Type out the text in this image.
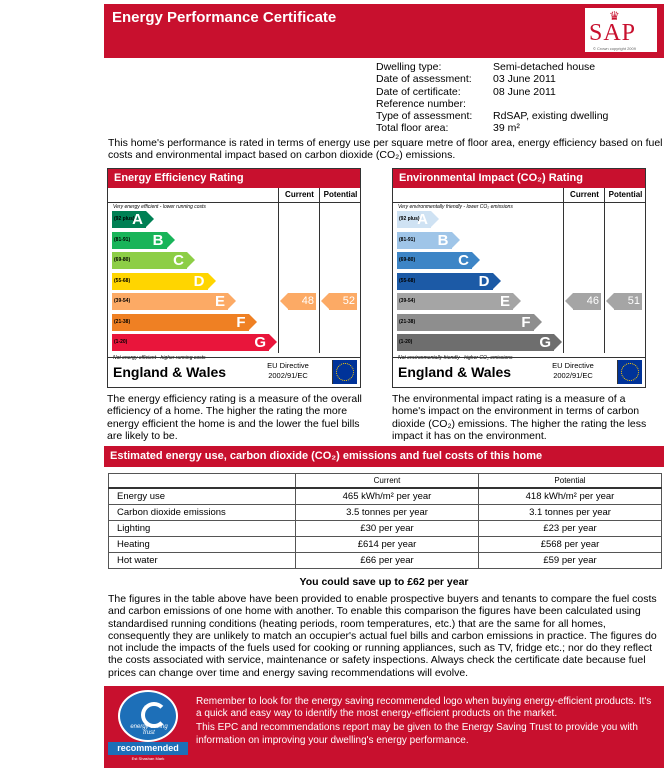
Energy Performance Certificate	♛
SAP
© Crown copyright 2009
Dwelling type:	Semi-detached house
Date of assessment:	03 June 2011
Date of certificate:	08 June 2011
Reference number:
Type of assessment:	RdSAP, existing dwelling
Total floor area:	39 m²
This home's performance is rated in terms of energy use per square metre of floor area, energy efficiency based on fuel costs and environmental impact based on carbon dioxide (CO₂) emissions.
Energy Efficiency Rating
Current	Potential
Very energy efficient - lower running costs
Not energy efficient - higher running costs
48	52
England & Wales	EU Directive 2002/91/EC
(92 plus)
A
(81-91) B
(69-80)	C
(55-68)	D
(39-54)	E
(21-38)	F
(1-20)	G
Environmental Impact (CO₂) Rating
Current	Potential
Very environmentally friendly - lower CO₂ emissions
Not environmentally friendly - higher CO₂ emissions
46	51
England & Wales	EU Directive 2002/91/EC
(92 plus)
A
(81-91) B
(69-80)	C
(55-68)	D
(39-54)	E
(21-38)	F
(1-20)	G
The energy efficiency rating is a measure of the overall efficiency of a home. The higher the rating the more energy efficient the home is and the lower the fuel bills are likely to be.
The environmental impact rating is a measure of a home's impact on the environment in terms of carbon dioxide (CO₂) emissions. The higher the rating the less impact it has on the environment.
Estimated energy use, carbon dioxide (CO₂) emissions and fuel costs of this home
	Current	Potential
Energy use	465 kWh/m² per year	418 kWh/m² per year
Carbon dioxide emissions	3.5 tonnes per year	3.1 tonnes per year
Lighting	£30 per year	£23 per year
Heating	£614 per year	£568 per year
Hot water	£66 per year	£59 per year
You could save up to £62 per year
The figures in the table above have been provided to enable prospective buyers and tenants to compare the fuel costs and carbon emissions of one home with another. To enable this comparison the figures have been calculated using standardised running conditions (heating periods, room temperatures, etc.) that are the same for all homes, consequently they are unlikely to match an occupier's actual fuel bills and carbon emissions in practice. The figures do not include the impacts of the fuels used for cooking or running appliances, such as TV, fridge etc.; nor do they reflect the costs associated with service, maintenance or safety inspections. Always check the certificate date because fuel prices can change over time and energy saving recommendations will evolve.
energy saving trust
recommended
Est Shashan Mark
Remember to look for the energy saving recommended logo when buying energy-efficient products. It's a quick and easy way to identify the most energy-efficient products on the market.
This EPC and recommendations report may be given to the Energy Saving Trust to provide you with information on improving your dwelling's energy performance.
